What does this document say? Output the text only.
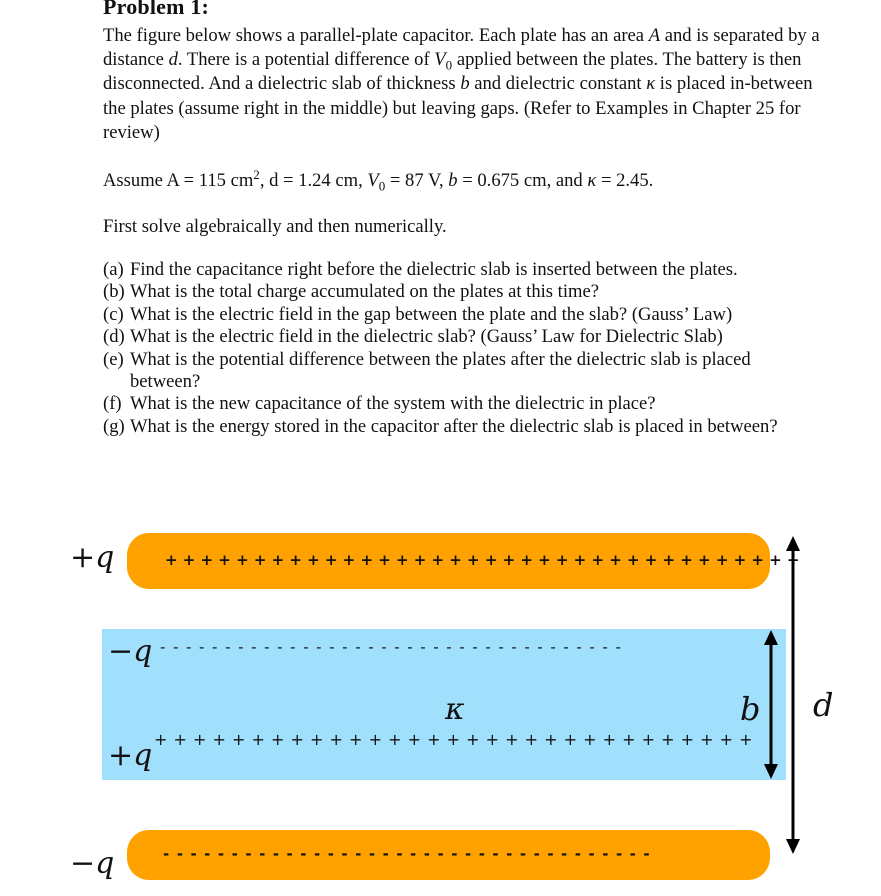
Problem 1:
The figure below shows a parallel-plate capacitor. Each plate has an area A and is separated by a distance d. There is a potential difference of $V_0$ applied between the plates. The battery is then disconnected. And a dielectric slab of thickness b and dielectric constant κ is placed in-between the plates (assume right in the middle) but leaving gaps. (Refer to Examples in Chapter 25 for review)
Assume A = 115 $cm^2$, d = 1.24 cm, $V_0 = 87$ V, b = 0.675 cm, and κ = 2.45.
First solve algebraically and then numerically.
(a) Find the capacitance right before the dielectric slab is inserted between the plates.
(b) What is the total charge accumulated on the plates at this time?
(c) What is the electric field in the gap between the plate and the slab? (Gauss’ Law)
(d) What is the electric field in the dielectric slab? (Gauss’ Law for Dielectric Slab)
(e) What is the potential difference between the plates after the dielectric slab is placed between?
(f) What is the new capacitance of the system with the dielectric in place?
(g) What is the energy stored in the capacitor after the dielectric slab is placed in between?
++++++++++++++++++++++++++++++++++++
------------------------------------
+++++++++++++++++++++++++++++++
------------------------------------
+q
−q
+q
−q
κ	b d
